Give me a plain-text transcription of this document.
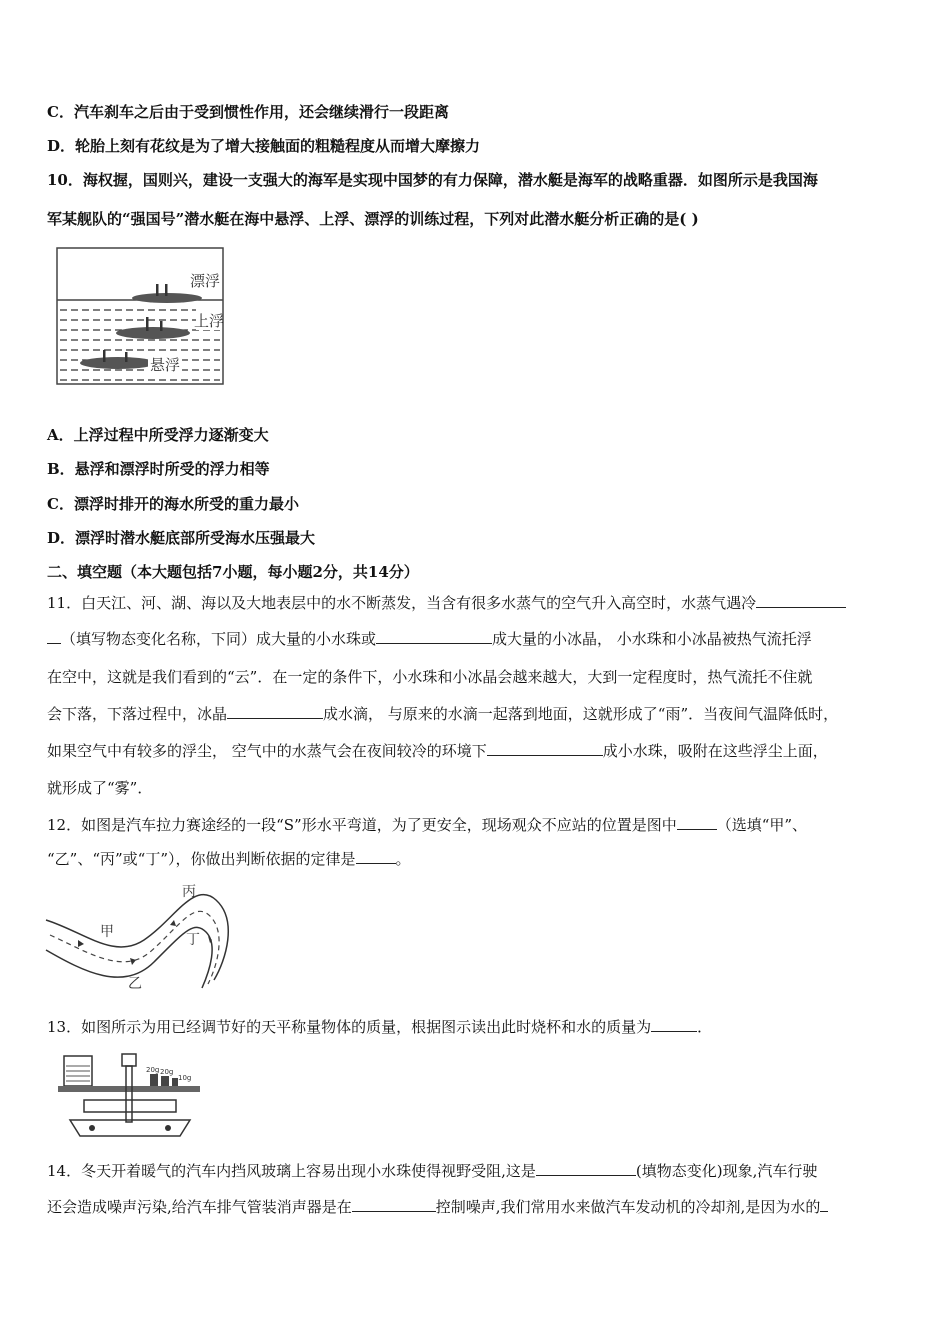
C．汽车刹车之后由于受到惯性作用，还会继续滑行一段距离
D．轮胎上刻有花纹是为了增大接触面的粗糙程度从而增大摩擦力
10．海权握，国则兴，建设一支强大的海军是实现中国梦的有力保障，潜水艇是海军的战略重器．如图所示是我国海
军某舰队的“强国号”潜水艇在海中悬浮、上浮、漂浮的训练过程，下列对此潜水艇分析正确的是( )
漂浮
上浮
悬浮
A．上浮过程中所受浮力逐渐变大
B．悬浮和漂浮时所受的浮力相等
C．漂浮时排开的海水所受的重力最小
D．漂浮时潜水艇底部所受海水压强最大
二、填空题（本大题包括7小题，每小题2分，共14分）
11．白天江、河、湖、海以及大地表层中的水不断蒸发，当含有很多水蒸气的空气升入高空时，水蒸气遇冷
（填写物态变化名称，下同）成大量的小水珠或	成大量的小冰晶， 小水珠和小冰晶被热气流托浮
在空中，这就是我们看到的“云”．在一定的条件下，小水珠和小冰晶会越来越大，大到一定程度时，热气流托不住就
会下落，下落过程中，冰晶	成水滴， 与原来的水滴一起落到地面，这就形成了“雨”．当夜间气温降低时，
如果空气中有较多的浮尘， 空气中的水蒸气会在夜间较冷的环境下	成小水珠，吸附在这些浮尘上面，
就形成了“雾”．
12．如图是汽车拉力赛途经的一段“S”形水平弯道，为了更安全，现场观众不应站的位置是图中	（选填“甲”、
“乙”、“丙”或“丁”），你做出判断依据的定律是	。
甲
乙
丙
丁
13．如图所示为用已经调节好的天平称量物体的质量，根据图示读出此时烧杯和水的质量为	．
20g 20g
10g
14．冬天开着暖气的汽车内挡风玻璃上容易出现小水珠使得视野受阻,这是	(填物态变化)现象,汽车行驶
还会造成噪声污染,给汽车排气管装消声器是在	控制噪声,我们常用水来做汽车发动机的冷却剂,是因为水的
